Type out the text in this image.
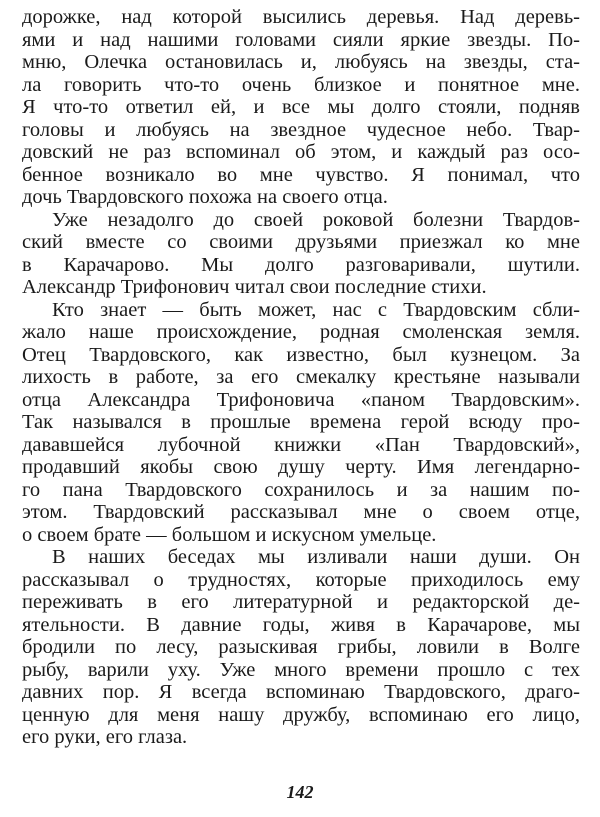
дорожке, над которой высились деревья. Над деревь-
ями и над нашими головами сияли яркие звезды. По-
мню, Олечка остановилась и, любуясь на звезды, ста-
ла говорить что-то очень близкое и понятное мне.
Я что-то ответил ей, и все мы долго стояли, подняв
головы и любуясь на звездное чудесное небо. Твар-
довский не раз вспоминал об этом, и каждый раз осо-
бенное возникало во мне чувство. Я понимал, что
дочь Твардовского похожа на своего отца.
Уже незадолго до своей роковой болезни Твардов-
ский вместе со своими друзьями приезжал ко мне
в Карачарово. Мы долго разговаривали, шутили.
Александр Трифонович читал свои последние стихи.
Кто знает — быть может, нас с Твардовским сбли-
жало наше происхождение, родная смоленская земля.
Отец Твардовского, как известно, был кузнецом. За
лихость в работе, за его смекалку крестьяне называли
отца Александра Трифоновича «паном Твардовским».
Так назывался в прошлые времена герой всюду про-
дававшейся лубочной книжки «Пан Твардовский»,
продавший якобы свою душу черту. Имя легендарно-
го пана Твардовского сохранилось и за нашим по-
этом. Твардовский рассказывал мне о своем отце,
о своем брате — большом и искусном умельце.
В наших беседах мы изливали наши души. Он
рассказывал о трудностях, которые приходилось ему
переживать в его литературной и редакторской де-
ятельности. В давние годы, живя в Карачарове, мы
бродили по лесу, разыскивая грибы, ловили в Волге
рыбу, варили уху. Уже много времени прошло с тех
давних пор. Я всегда вспоминаю Твардовского, драго-
ценную для меня нашу дружбу, вспоминаю его лицо,
его руки, его глаза.
142
